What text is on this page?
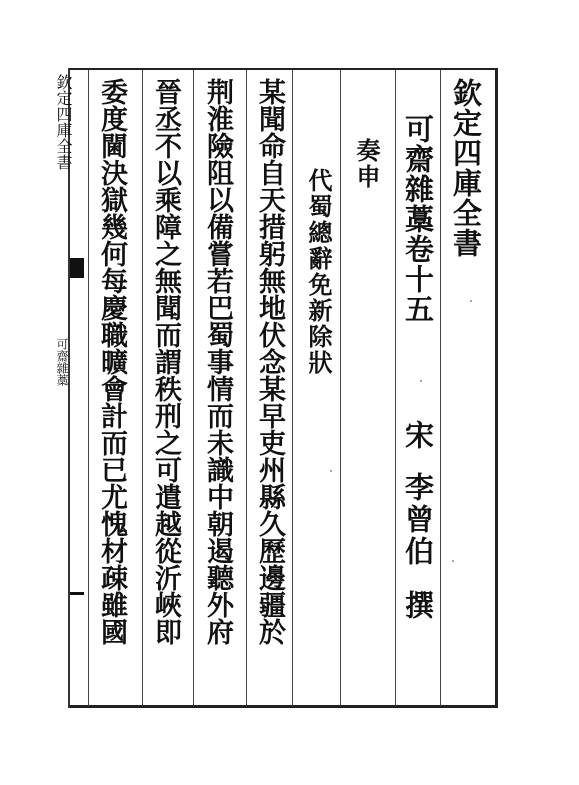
欽定四庫全書
可齋雜藁
欽定四庫全書
可齋雜藁卷十五
宋
李曾伯
撰
奏申
代蜀總辭免新除狀
某聞命自天措躬無地伏念某早吏州縣久歷邊疆於
荆淮險阻以備嘗若巴蜀事情而未識中朝遏聽外府
晉丞不以乘障之無聞而謂秩刑之可遣越從沂峽即
委度閫決獄幾何每慶職曠會計而已尤愧材疎雖國
